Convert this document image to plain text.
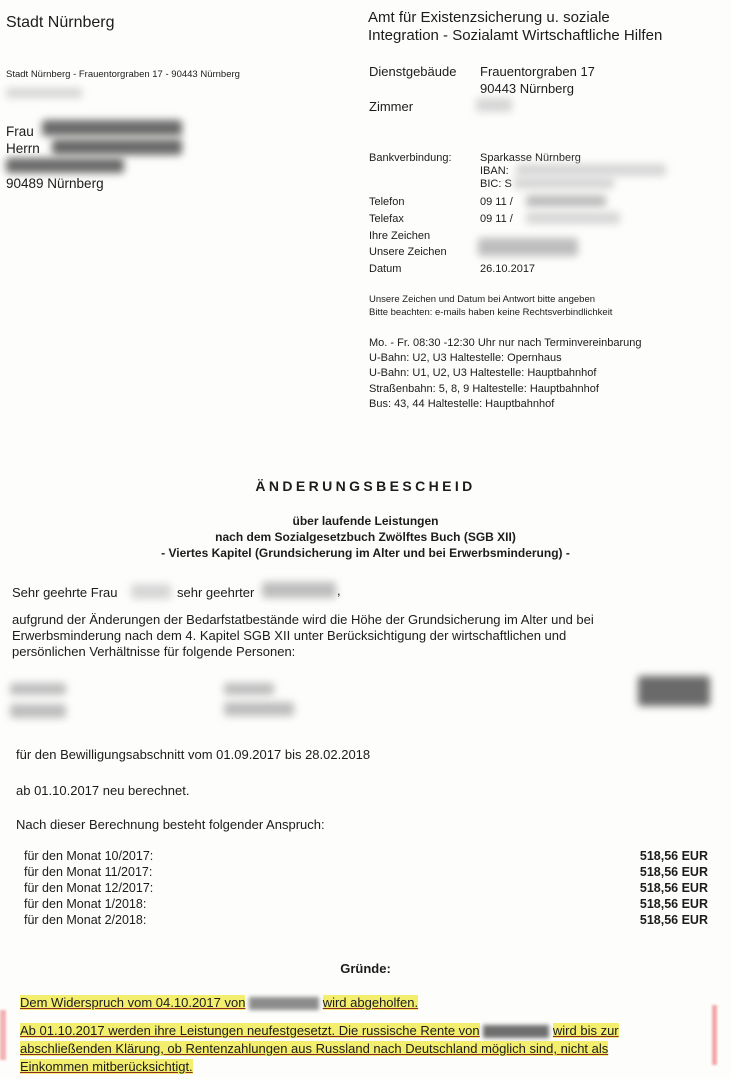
Stadt Nürnberg
Stadt Nürnberg - Frauentorgraben 17 - 90443 Nürnberg
Frau
Herrn
90489 Nürnberg
Amt für Existenzsicherung u. soziale
Integration - Sozialamt Wirtschaftliche Hilfen
Dienstgebäude Frauentorgraben 17
90443 Nürnberg
Zimmer
Bankverbindung:	Sparkasse Nürnberg
IBAN:
BIC: S
Telefon	09 11 /
Telefax	09 11 /
Ihre Zeichen
Unsere Zeichen
Datum	26.10.2017
Unsere Zeichen und Datum bei Antwort bitte angeben
Bitte beachten: e-mails haben keine Rechtsverbindlichkeit
Mo. - Fr. 08:30 -12:30 Uhr nur nach Terminvereinbarung
U-Bahn: U2, U3 Haltestelle: Opernhaus
U-Bahn: U1, U2, U3 Haltestelle: Hauptbahnhof
Straßenbahn: 5, 8, 9 Haltestelle: Hauptbahnhof
Bus: 43, 44 Haltestelle: Hauptbahnhof
ÄNDERUNGSBESCHEID
über laufende Leistungen
nach dem Sozialgesetzbuch Zwölftes Buch (SGB XII)
- Viertes Kapitel (Grundsicherung im Alter und bei Erwerbsminderung) -
Sehr geehrte Frau	sehr geehrter	,
aufgrund der Änderungen der Bedarfstatbestände wird die Höhe der Grundsicherung im Alter und bei
Erwerbsminderung nach dem 4. Kapitel SGB XII unter Berücksichtigung der wirtschaftlichen und
persönlichen Verhältnisse für folgende Personen:
für den Bewilligungsabschnitt vom 01.09.2017 bis 28.02.2018
ab 01.10.2017 neu berechnet.
Nach dieser Berechnung besteht folgender Anspruch:
für den Monat 10/2017:	518,56 EUR
für den Monat 11/2017:	518,56 EUR
für den Monat 12/2017:	518,56 EUR
für den Monat 1/2018:	518,56 EUR
für den Monat 2/2018:	518,56 EUR
Gründe:
Dem Widerspruch vom 04.10.2017 von	wird abgeholfen.
Ab 01.10.2017 werden ihre Leistungen neufestgesetzt. Die russische Rente von	wird bis zur
abschließenden Klärung, ob Rentenzahlungen aus Russland nach Deutschland möglich sind, nicht als
Einkommen mitberücksichtigt.
